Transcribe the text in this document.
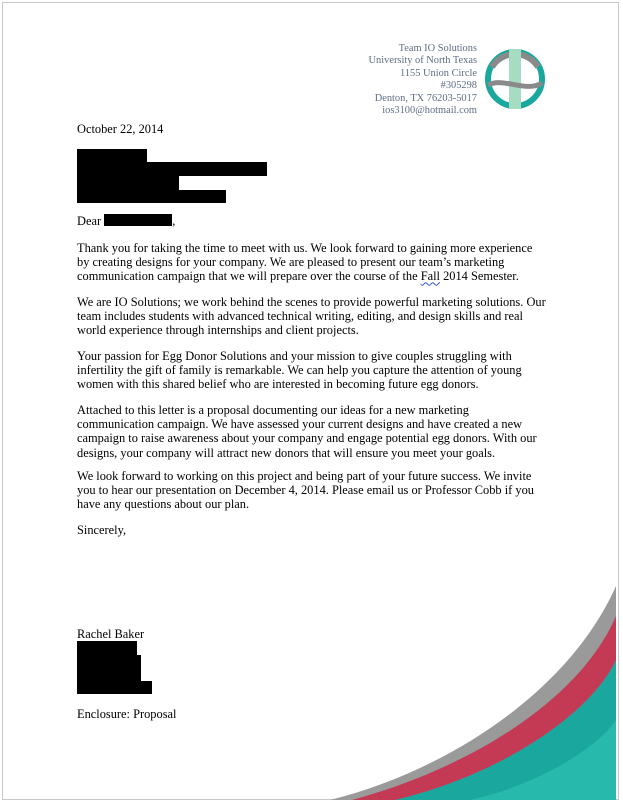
Team IO Solutions
University of North Texas
1155 Union Circle
#305298
Denton, TX 76203-5017
ios3100@hotmail.com
October 22, 2014
Dear	,
Thank you for taking the time to meet with us. We look forward to gaining more experience by creating designs for your company. We are pleased to present our team’s marketing communication campaign that we will prepare over the course of the Fall 2014 Semester.
We are IO Solutions; we work behind the scenes to provide powerful marketing solutions. Our team includes students with advanced technical writing, editing, and design skills and real world experience through internships and client projects.
Your passion for Egg Donor Solutions and your mission to give couples struggling with infertility the gift of family is remarkable. We can help you capture the attention of young women with this shared belief who are interested in becoming future egg donors.
Attached to this letter is a proposal documenting our ideas for a new marketing communication campaign. We have assessed your current designs and have created a new campaign to raise awareness about your company and engage potential egg donors. With our designs, your company will attract new donors that will ensure you meet your goals.
We look forward to working on this project and being part of your future success. We invite you to hear our presentation on December 4, 2014. Please email us or Professor Cobb if you have any questions about our plan.
Sincerely,
Rachel Baker
Enclosure: Proposal
